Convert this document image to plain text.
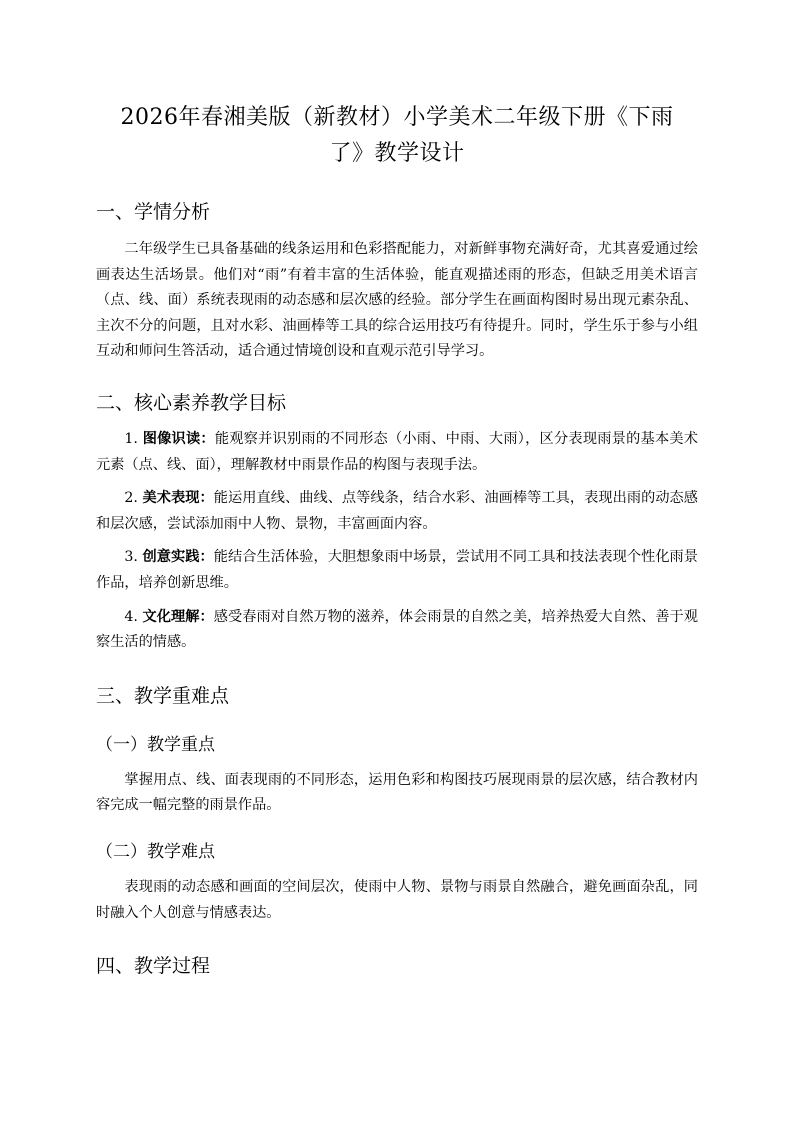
2026年春湘美版（新教材）小学美术二年级下册《下雨
了》教学设计
一、学情分析

二年级学生已具备基础的线条运用和色彩搭配能力，对新鲜事物充满好奇，尤其喜爱通过绘画表达生活场景。他们对“雨”有着丰富的生活体验，能直观描述雨的形态，但缺乏用美术语言（点、线、面）系统表现雨的动态感和层次感的经验。部分学生在画面构图时易出现元素杂乱、主次不分的问题，且对水彩、油画棒等工具的综合运用技巧有待提升。同时，学生乐于参与小组互动和师问生答活动，适合通过情境创设和直观示范引导学习。

二、核心素养教学目标

1. 图像识读：能观察并识别雨的不同形态（小雨、中雨、大雨），区分表现雨景的基本美术元素（点、线、面），理解教材中雨景作品的构图与表现手法。

2. 美术表现：能运用直线、曲线、点等线条，结合水彩、油画棒等工具，表现出雨的动态感和层次感，尝试添加雨中人物、景物，丰富画面内容。

3. 创意实践：能结合生活体验，大胆想象雨中场景，尝试用不同工具和技法表现个性化雨景作品，培养创新思维。

4. 文化理解：感受春雨对自然万物的滋养，体会雨景的自然之美，培养热爱大自然、善于观察生活的情感。

三、教学重难点
（一）教学重点

掌握用点、线、面表现雨的不同形态，运用色彩和构图技巧展现雨景的层次感，结合教材内容完成一幅完整的雨景作品。

（二）教学难点

表现雨的动态感和画面的空间层次，使雨中人物、景物与雨景自然融合，避免画面杂乱，同时融入个人创意与情感表达。

四、教学过程
